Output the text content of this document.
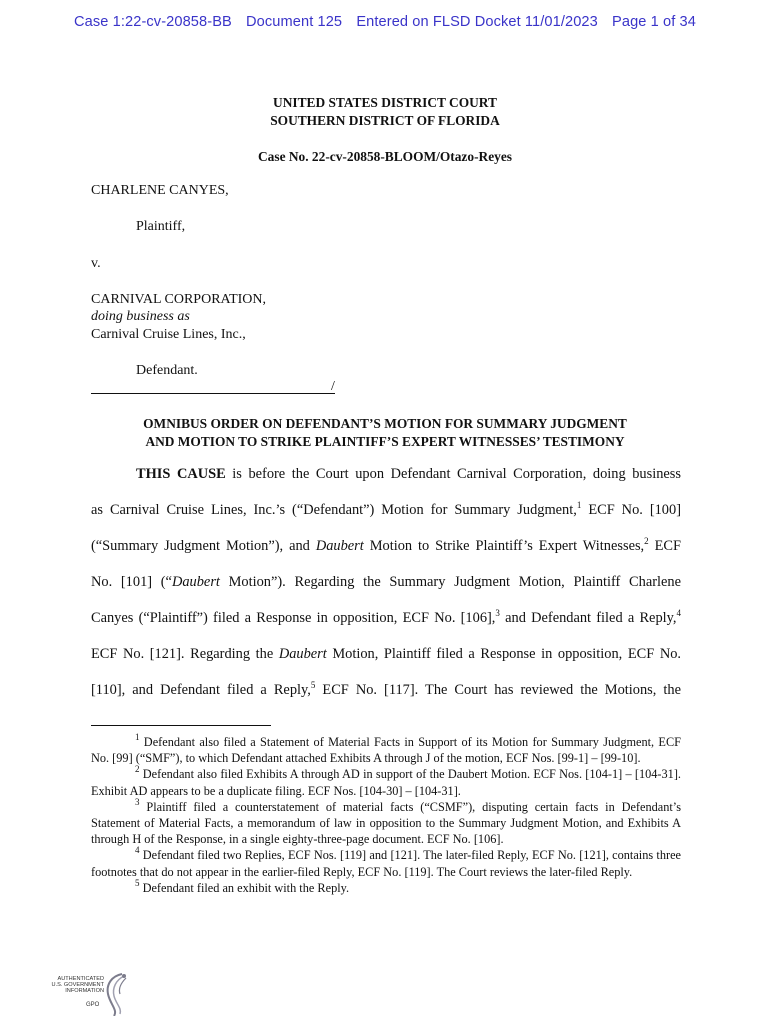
Case 1:22-cv-20858-BB Document 125 Entered on FLSD Docket 11/01/2023 Page 1 of 34
UNITED STATES DISTRICT COURT
SOUTHERN DISTRICT OF FLORIDA
Case No. 22-cv-20858-BLOOM/Otazo-Reyes
CHARLENE CANYES,
Plaintiff,
v.
CARNIVAL CORPORATION,
doing business as
Carnival Cruise Lines, Inc.,
Defendant.
/
OMNIBUS ORDER ON DEFENDANT’S MOTION FOR SUMMARY JUDGMENT
AND MOTION TO STRIKE PLAINTIFF’S EXPERT WITNESSES’ TESTIMONY
THIS CAUSE is before the Court upon Defendant Carnival Corporation, doing business
as Carnival Cruise Lines, Inc.’s (“Defendant”) Motion for Summary Judgment,$^1$ ECF No. [100]
(“Summary Judgment Motion”), and Daubert Motion to Strike Plaintiff’s Expert Witnesses,$^2$ ECF
No. [101] (“Daubert Motion”). Regarding the Summary Judgment Motion, Plaintiff Charlene
Canyes (“Plaintiff”) filed a Response in opposition, ECF No. [106],$^3$ and Defendant filed a Reply,$^4$
ECF No. [121]. Regarding the Daubert Motion, Plaintiff filed a Response in opposition, ECF No.
[110], and Defendant filed a Reply,$^5$ ECF No. [117]. The Court has reviewed the Motions, the

$^1$ Defendant also filed a Statement of Material Facts in Support of its Motion for Summary Judgment, ECF No. [99] (“SMF”), to which Defendant attached Exhibits A through J of the motion, ECF Nos. [99-1] – [99-10].

$^2$ Defendant also filed Exhibits A through AD in support of the Daubert Motion. ECF Nos. [104-1] – [104-31]. Exhibit AD appears to be a duplicate filing. ECF Nos. [104-30] – [104-31].

$^3$ Plaintiff filed a counterstatement of material facts (“CSMF”), disputing certain facts in Defendant’s Statement of Material Facts, a memorandum of law in opposition to the Summary Judgment Motion, and Exhibits A through H of the Response, in a single eighty-three-page document. ECF No. [106].

$^4$ Defendant filed two Replies, ECF Nos. [119] and [121]. The later-filed Reply, ECF No. [121], contains three footnotes that do not appear in the earlier-filed Reply, ECF No. [119]. The Court reviews the later-filed Reply.

$^5$ Defendant filed an exhibit with the Reply.

AUTHENTICATED
U.S. GOVERNMENT
INFORMATION
GPO
